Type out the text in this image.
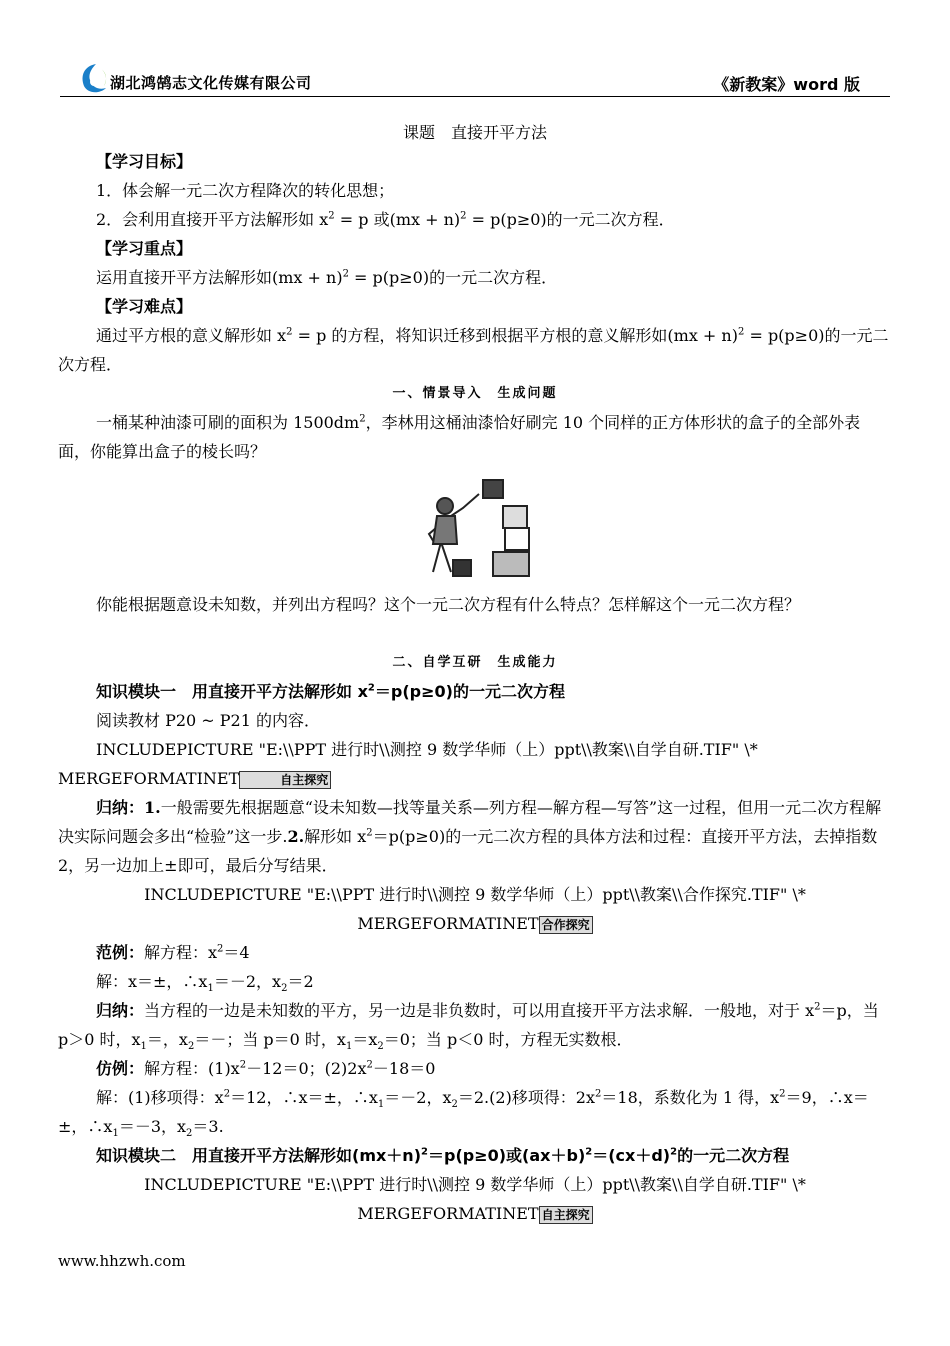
湖北鸿鹄志文化传媒有限公司	《新教案》word 版

课题　直接开平方法

【学习目标】

1．体会解一元二次方程降次的转化思想；

2．会利用直接开平方法解形如 $x^2 = p$ 或(mx + n)$^2$ = p(p≥0)的一元二次方程．

【学习重点】

运用直接开平方法解形如(mx + n)$^2$ = p(p≥0)的一元二次方程．

【学习难点】

通过平方根的意义解形如 $x^2 = p$ 的方程，将知识迁移到根据平方根的意义解形如(mx + n)$^2$ = p(p≥0)的一元二次方程．

一、情景导入　生成问题

一桶某种油漆可刷的面积为 $1500dm^2$，李林用这桶油漆恰好刷完 10 个同样的正方体形状的盒子的全部外表面，你能算出盒子的棱长吗？

你能根据题意设未知数，并列出方程吗？这个一元二次方程有什么特点？怎样解这个一元二次方程？

二、自学互研　生成能力

知识模块一　用直接开平方法解形如 $x^2=p(p\ge 0)$的一元二次方程

阅读教材 P20 ~ P21 的内容．

INCLUDEPICTURE "E:\\PPT 进行时\\测控 9 数学华师（上）ppt\\教案\\自学自研.TIF" \* MERGEFORMATINET	自主探究

归纳：1.一般需要先根据题意“设未知数—找等量关系—列方程—解方程—写答”这一过程，但用一元二次方程解决实际问题会多出“检验”这一步.2.解形如 $x^2=p(p\ge 0)$的一元二次方程的具体方法和过程：直接开平方法，去掉指数 2，另一边加上±即可，最后分写结果．

INCLUDEPICTURE "E:\\PPT 进行时\\测控 9 数学华师（上）ppt\\教案\\合作探究.TIF" \*

MERGEFORMATINET 合作探究

范例：解方程：$x^2=4$

解：x＝±，$\therefore x_1=-2$，$x_2=2$

归纳：当方程的一边是未知数的平方，另一边是非负数时，可以用直接开平方法求解．一般地，对于 $x^2=p$，当 p＞0 时，$x_1=$，$x_2=-$；当 p＝0 时，$x_1=x_2=0$；当 p＜0 时，方程无实数根．

仿例：解方程：$(1)x^2-12=0$；$(2)2x^2-18=0$

解：(1)移项得：$x^2=12$，∴x＝±，$\therefore x_1=-2$，$x_2=2.(2)$移项得：$2x^2=18$，系数化为 1 得，$x^2=9$，∴x＝±，$\therefore x_1=-3$，$x_2=3$.

知识模块二　用直接开平方法解形如$(mx+n)^2=p(p\ge 0)$或$(ax+b)^2=(cx+d)^2$的一元二次方程

INCLUDEPICTURE "E:\\PPT 进行时\\测控 9 数学华师（上）ppt\\教案\\自学自研.TIF" \*

MERGEFORMATINET 自主探究

www.hhzwh.com
